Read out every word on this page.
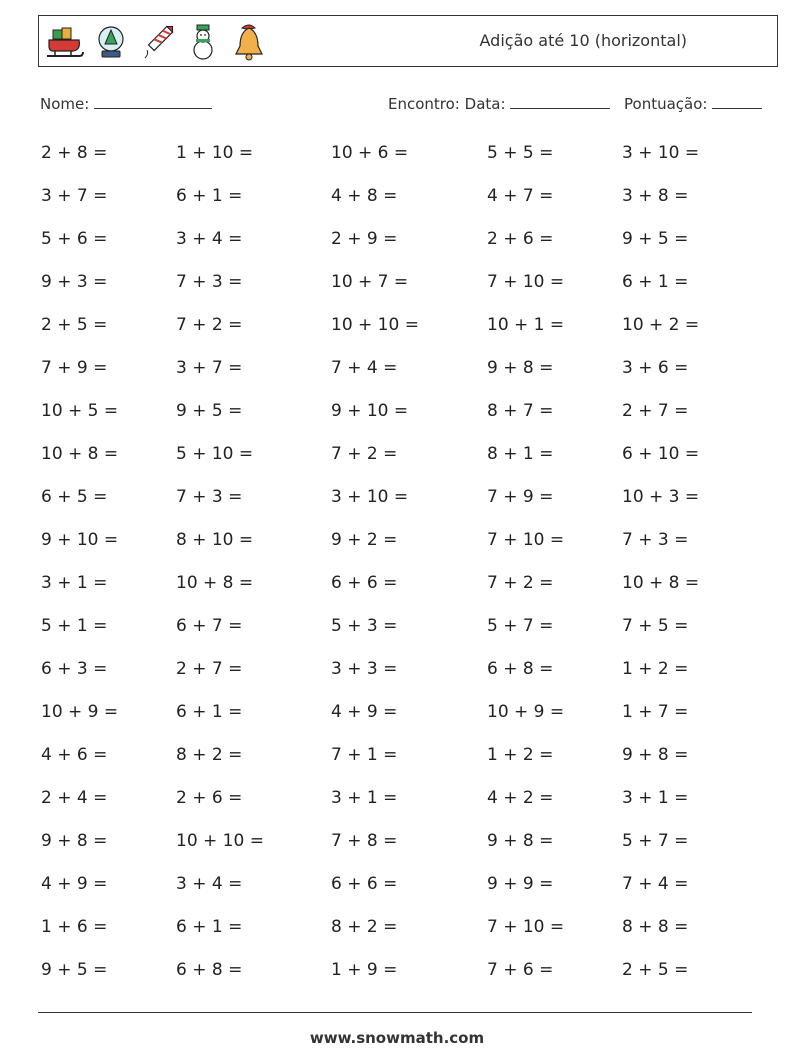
Adição até 10 (horizontal)
Nome:	Encontro: Data:	Pontuação:
2 + 8 =	1 + 10 =	10 + 6 =	5 + 5 =	3 + 10 =
3 + 7 =	6 + 1 =	4 + 8 =	4 + 7 =	3 + 8 =
5 + 6 =	3 + 4 =	2 + 9 =	2 + 6 =	9 + 5 =
9 + 3 =	7 + 3 =	10 + 7 =	7 + 10 =	6 + 1 =
2 + 5 =	7 + 2 =	10 + 10 =	10 + 1 =	10 + 2 =
7 + 9 =	3 + 7 =	7 + 4 =	9 + 8 =	3 + 6 =
10 + 5 =	9 + 5 =	9 + 10 =	8 + 7 =	2 + 7 =
10 + 8 =	5 + 10 =	7 + 2 =	8 + 1 =	6 + 10 =
6 + 5 =	7 + 3 =	3 + 10 =	7 + 9 =	10 + 3 =
9 + 10 =	8 + 10 =	9 + 2 =	7 + 10 =	7 + 3 =
3 + 1 =	10 + 8 =	6 + 6 =	7 + 2 =	10 + 8 =
5 + 1 =	6 + 7 =	5 + 3 =	5 + 7 =	7 + 5 =
6 + 3 =	2 + 7 =	3 + 3 =	6 + 8 =	1 + 2 =
10 + 9 =	6 + 1 =	4 + 9 =	10 + 9 =	1 + 7 =
4 + 6 =	8 + 2 =	7 + 1 =	1 + 2 =	9 + 8 =
2 + 4 =	2 + 6 =	3 + 1 =	4 + 2 =	3 + 1 =
9 + 8 =	10 + 10 =	7 + 8 =	9 + 8 =	5 + 7 =
4 + 9 =	3 + 4 =	6 + 6 =	9 + 9 =	7 + 4 =
1 + 6 =	6 + 1 =	8 + 2 =	7 + 10 =	8 + 8 =
9 + 5 =	6 + 8 =	1 + 9 =	7 + 6 =	2 + 5 =
www.snowmath.com
